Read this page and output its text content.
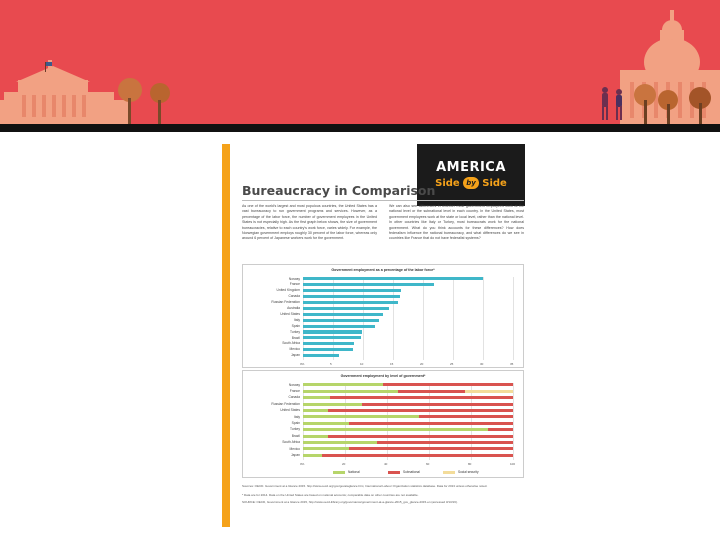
AMERICA
Side by Side
Bureaucracy in Comparison
As one of the world's largest and most populous countries, the United States has a vast bureaucracy to run government programs and services. However, as a percentage of the labor force, the number of government employees in the United States is not especially high. As the first graph below shows, the size of government bureaucracies, relative to each country's work force, varies widely. For example, the Norwegian government employs roughly 30 percent of the labor force, whereas only around 6 percent of Japanese workers work for the government.
We can also see differences in whether most government employees work at the national level or the subnational level in each country. In the United States, most government employees work at the state or local level, rather than the national level. In other countries like Italy or Turkey, most bureaucrats work for the national government. What do you think accounts for these differences? How does federalism influence the national bureaucracy, and what differences do we see in countries like France that do not have federalist systems?
Government employment as a percentage of the labor force*
0%	5	10	15	20	25	30	35
Norway
France
United Kingdom
Canada
Russian Federation
Australia
United States
Italy
Spain
Turkey
Brazil
South Africa
Mexico
Japan
Government employment by level of government*
0%	20	40	60	80	100
Norway
France
Canada
Russian Federation
United States
Italy
Spain
Turkey
Brazil
South Africa
Mexico
Japan
National	Subnational	Social security
Sources: OECD. Government at a Glance 2015. http://www.oecd.org/gov/govataglance.htm; International Labour Organization statistics database. Data for 2013 unless otherwise noted.
* Data are for 2014. Data on the United States are based on national accounts; comparable data on other countries are not available.
SOURCE: OECD, Government at a Glance 2015, http://www.oecd-ilibrary.org/governance/government-at-a-glance-2015_gov_glance-2015-en (accessed 3/13/16).
